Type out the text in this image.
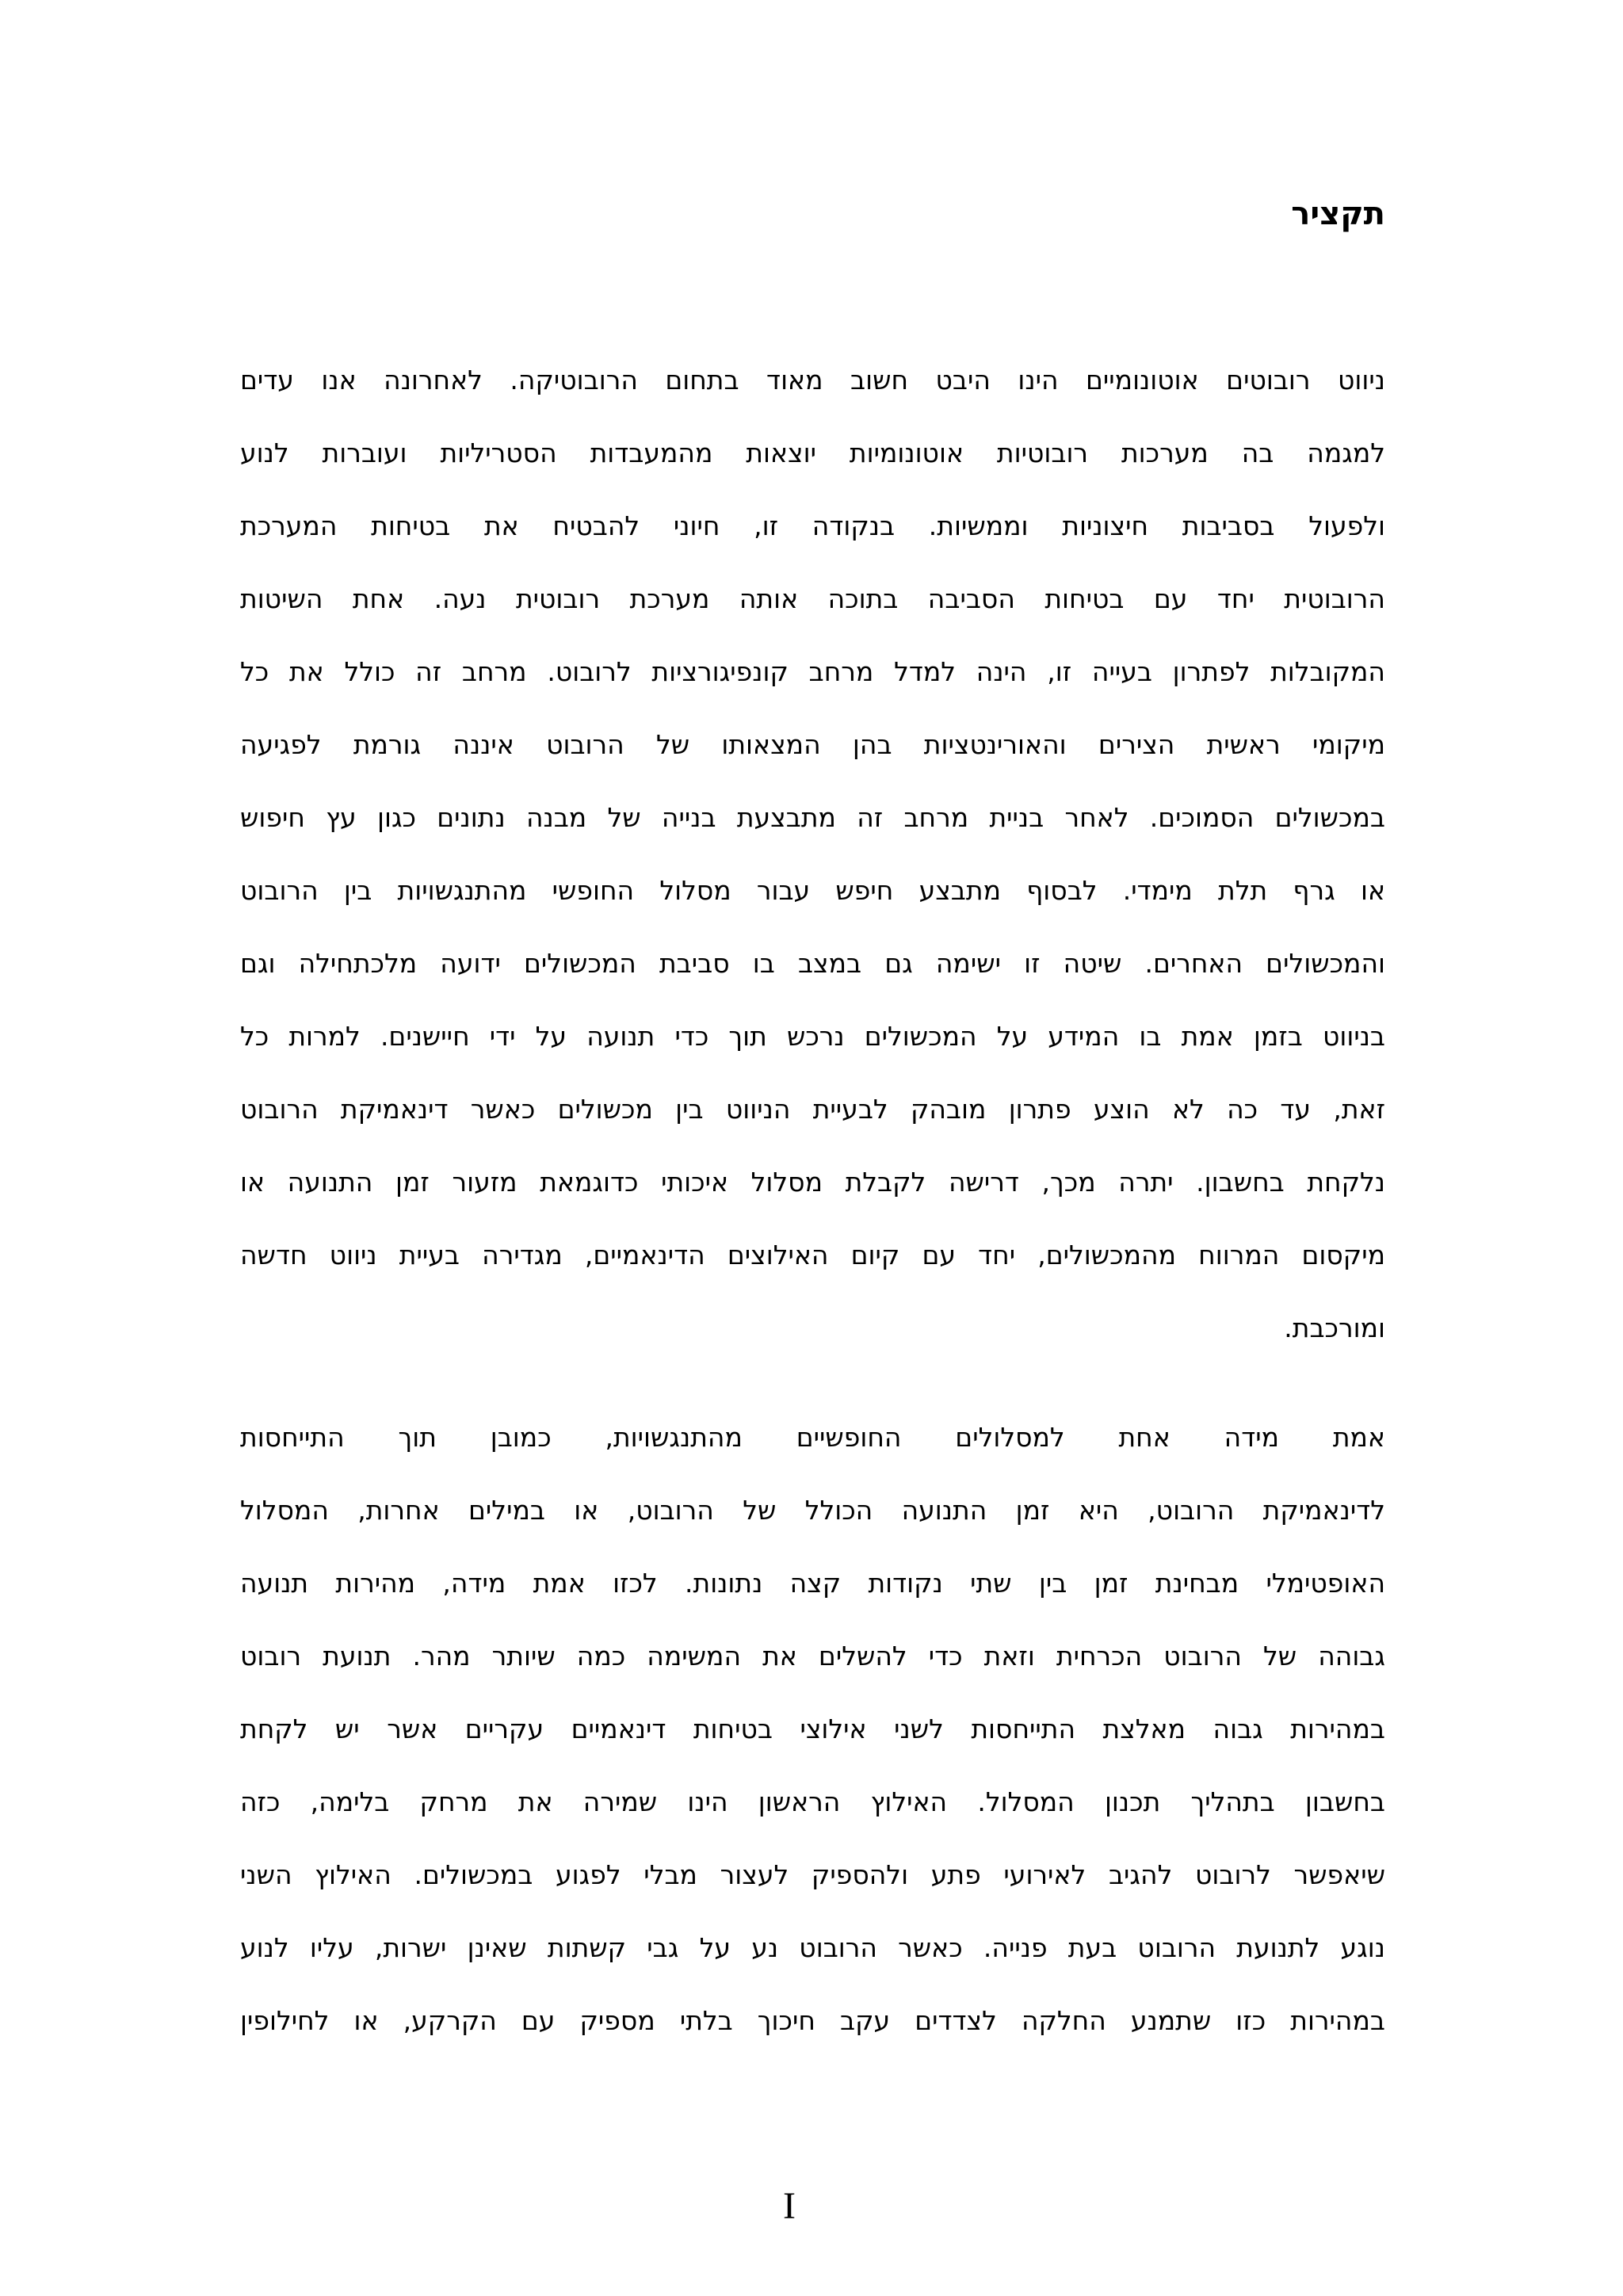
תקציר
ניווט רובוטים אוטונומיים הינו היבט חשוב מאוד בתחום הרובוטיקה. לאחרונה אנו עדים
למגמה בה מערכות רובוטיות אוטונומיות יוצאות מהמעבדות הסטריליות ועוברות לנוע
ולפעול בסביבות חיצוניות וממשיות. בנקודה זו, חיוני להבטיח את בטיחות המערכת
הרובוטית יחד עם בטיחות הסביבה בתוכה אותה מערכת רובוטית נעה. אחת השיטות
המקובלות לפתרון בעייה זו, הינה למדל מרחב קונפיגורציות לרובוט. מרחב זה כולל את כל
מיקומי ראשית הצירים והאורינטציות בהן המצאותו של הרובוט איננה גורמת לפגיעה
במכשולים הסמוכים. לאחר בניית מרחב זה מתבצעת בנייה של מבנה נתונים כגון עץ חיפוש
או גרף תלת מימדי. לבסוף מתבצע חיפש עבור מסלול החופשי מהתנגשויות בין הרובוט
והמכשולים האחרים. שיטה זו ישימה גם במצב בו סביבת המכשולים ידועה מלכתחילה וגם
בניווט בזמן אמת בו המידע על המכשולים נרכש תוך כדי תנועה על ידי חיישנים. למרות כל
זאת, עד כה לא הוצע פתרון מובהק לבעיית הניווט בין מכשולים כאשר דינאמיקת הרובוט
נלקחת בחשבון. יתרה מכך, דרישה לקבלת מסלול איכותי כדוגמאת מזעור זמן התנועה או
מיקסום המרווח מהמכשולים, יחד עם קיום האילוצים הדינאמיים, מגדירה בעיית ניווט חדשה
ומורכבת.
אמת מידה אחת למסלולים החופשיים מהתנגשויות, כמובן תוך התייחסות
לדינאמיקת הרובוט, היא זמן התנועה הכולל של הרובוט, או במילים אחרות, המסלול
האופטימלי מבחינת זמן בין שתי נקודות קצה נתונות. לכזו אמת מידה, מהירות תנועה
גבוהה של הרובוט הכרחית וזאת כדי להשלים את המשימה כמה שיותר מהר. תנועת רובוט
במהירות גבוה מאלצת התייחסות לשני אילוצי בטיחות דינאמיים עקריים אשר יש לקחת
בחשבון בתהליך תכנון המסלול. האילוץ הראשון הינו שמירה את מרחק בלימה, כזה
שיאפשר לרובוט להגיב לאירועי פתע ולהספיק לעצור מבלי לפגוע במכשולים. האילוץ השני
נוגע לתנועת הרובוט בעת פנייה. כאשר הרובוט נע על גבי קשתות שאינן ישרות, עליו לנוע
במהירות כזו שתמנע החלקה לצדדים עקב חיכוך בלתי מספיק עם הקרקע, או לחילופין
I
